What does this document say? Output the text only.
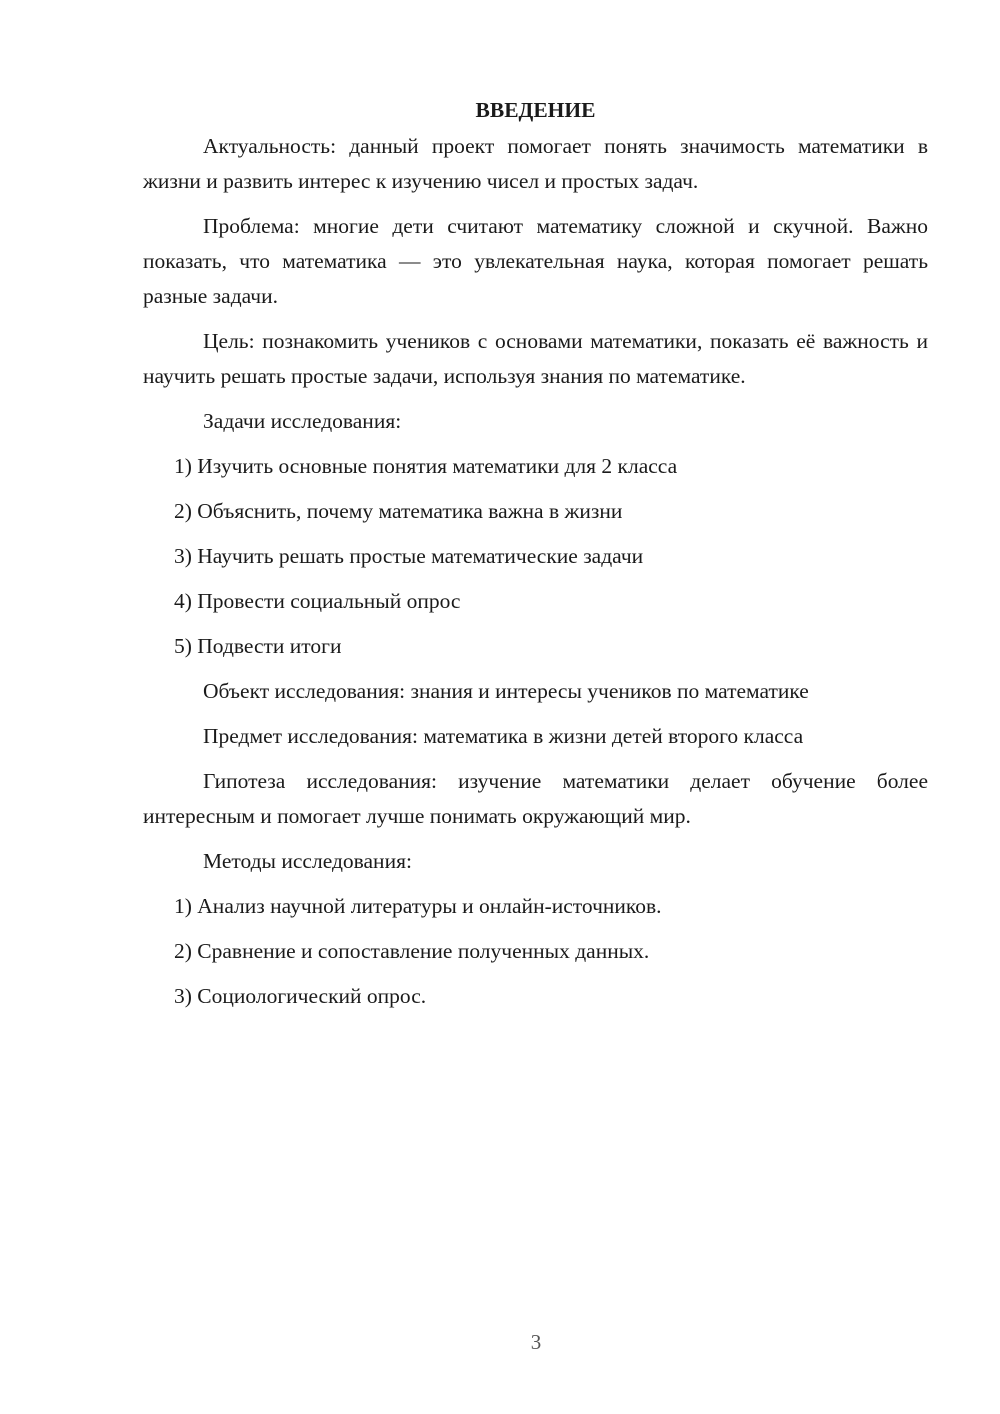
ВВЕДЕНИЕ

Актуальность: данный проект помогает понять значимость математики в жизни и развить интерес к изучению чисел и простых задач.

Проблема: многие дети считают математику сложной и скучной. Важно показать, что математика — это увлекательная наука, которая помогает решать разные задачи.

Цель: познакомить учеников с основами математики, показать её важность и научить решать простые задачи, используя знания по математике.

Задачи исследования:

1) Изучить основные понятия математики для 2 класса
2) Объяснить, почему математика важна в жизни
3) Научить решать простые математические задачи
4) Провести социальный опрос
5) Подвести итоги

Объект исследования: знания и интересы учеников по математике

Предмет исследования: математика в жизни детей второго класса

Гипотеза исследования: изучение математики делает обучение более интересным и помогает лучше понимать окружающий мир.

Методы исследования:

1) Анализ научной литературы и онлайн-источников.
2) Сравнение и сопоставление полученных данных.
3) Социологический опрос.
3
